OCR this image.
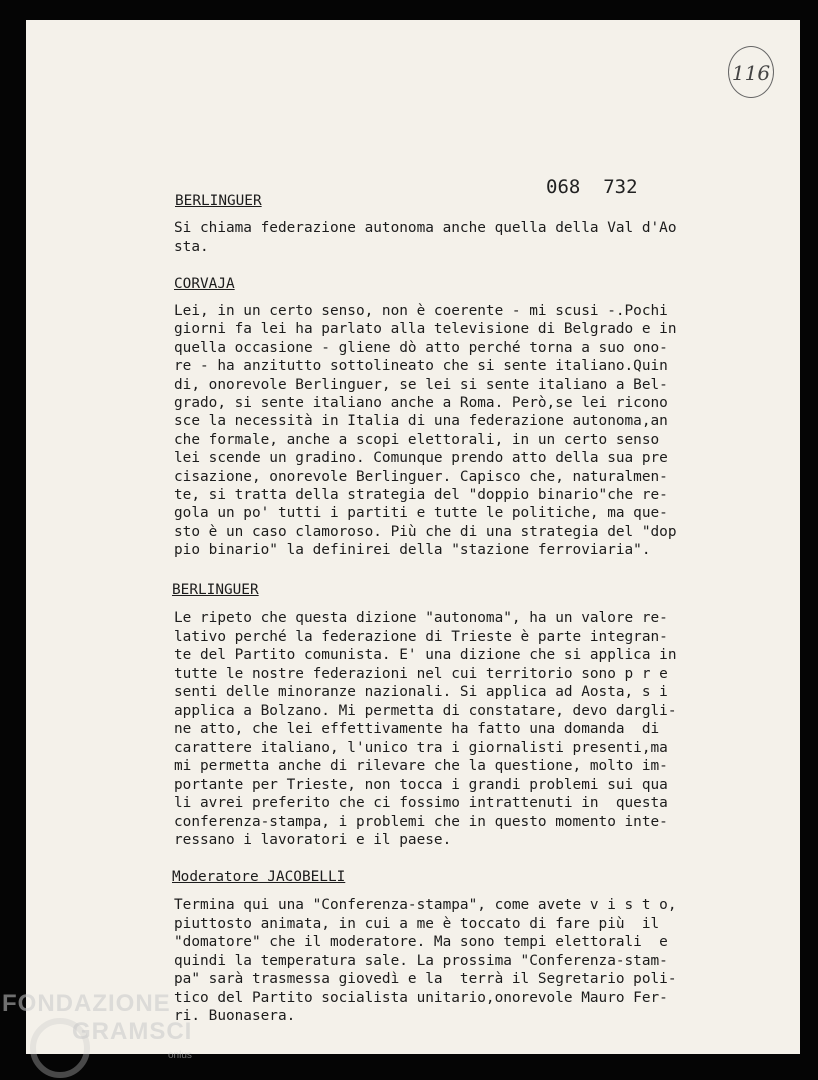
116
068  732
BERLINGUER
Si chiama federazione autonoma anche quella della Val d'Ao
sta.
CORVAJA
Lei, in un certo senso, non è coerente - mi scusi -.Pochi
giorni fa lei ha parlato alla televisione di Belgrado e in
quella occasione - gliene dò atto perché torna a suo ono-
re - ha anzitutto sottolineato che si sente italiano.Quin
di, onorevole Berlinguer, se lei si sente italiano a Bel-
grado, si sente italiano anche a Roma. Però,se lei ricono
sce la necessità in Italia di una federazione autonoma,an
che formale, anche a scopi elettorali, in un certo senso
lei scende un gradino. Comunque prendo atto della sua pre
cisazione, onorevole Berlinguer. Capisco che, naturalmen-
te, si tratta della strategia del "doppio binario"che re-
gola un po' tutti i partiti e tutte le politiche, ma que-
sto è un caso clamoroso. Più che di una strategia del "dop
pio binario" la definirei della "stazione ferroviaria".
BERLINGUER
Le ripeto che questa dizione "autonoma", ha un valore re-
lativo perché la federazione di Trieste è parte integran-
te del Partito comunista. E' una dizione che si applica in
tutte le nostre federazioni nel cui territorio sono p r e
senti delle minoranze nazionali. Si applica ad Aosta, s i
applica a Bolzano. Mi permetta di constatare, devo dargli-
ne atto, che lei effettivamente ha fatto una domanda  di
carattere italiano, l'unico tra i giornalisti presenti,ma
mi permetta anche di rilevare che la questione, molto im-
portante per Trieste, non tocca i grandi problemi sui qua
li avrei preferito che ci fossimo intrattenuti in  questa
conferenza-stampa, i problemi che in questo momento inte-
ressano i lavoratori e il paese.
Moderatore JACOBELLI
Termina qui una "Conferenza-stampa", come avete v i s t o,
piuttosto animata, in cui a me è toccato di fare più  il
"domatore" che il moderatore. Ma sono tempi elettorali  e
quindi la temperatura sale. La prossima "Conferenza-stam-
pa" sarà trasmessa giovedì e la  terrà il Segretario poli-
tico del Partito socialista unitario,onorevole Mauro Fer-
ri. Buonasera.
FONDAZIONE
GRAMSCI
onlus
